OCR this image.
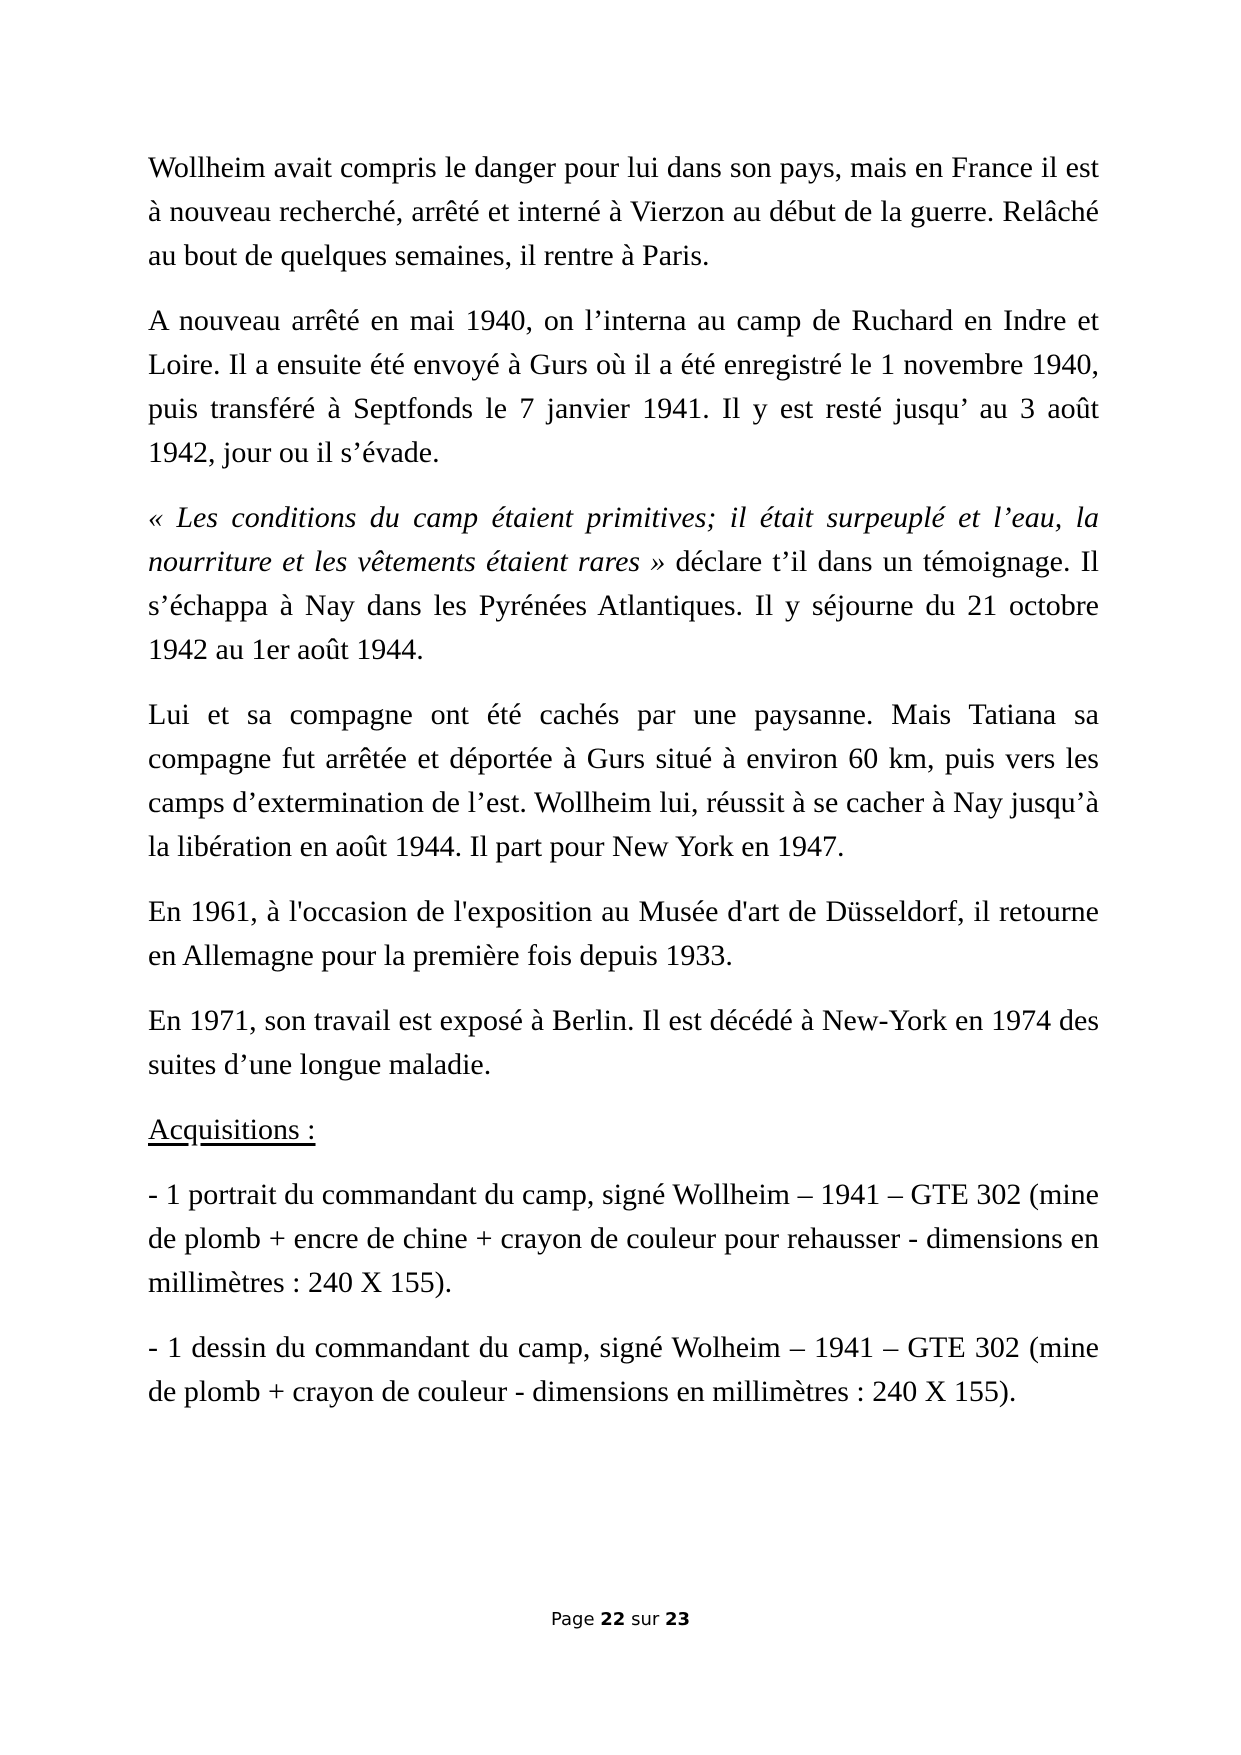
Wollheim avait compris le danger pour lui dans son pays, mais en France il est à nouveau recherché, arrêté et interné à Vierzon au début de la guerre. Relâché au bout de quelques semaines, il rentre à Paris.

A nouveau arrêté en mai 1940, on l’interna au camp de Ruchard en Indre et Loire. Il a ensuite été envoyé à Gurs où il a été enregistré le 1 novembre 1940, puis transféré à Septfonds le 7 janvier 1941. Il y est resté jusqu’ au 3 août 1942, jour ou il s’évade.

« Les conditions du camp étaient primitives; il était surpeuplé et l’eau, la nourriture et les vêtements étaient rares » déclare t’il dans un témoignage. Il s’échappa à Nay dans les Pyrénées Atlantiques. Il y séjourne du 21 octobre 1942 au 1er août 1944.

Lui et sa compagne ont été cachés par une paysanne. Mais Tatiana sa compagne fut arrêtée et déportée à Gurs situé à environ 60 km, puis vers les camps d’extermination de l’est. Wollheim lui, réussit à se cacher à Nay jusqu’à la libération en août 1944. Il part pour New York en 1947.

En 1961, à l'occasion de l'exposition au Musée d'art de Düsseldorf, il retourne en Allemagne pour la première fois depuis 1933.

En 1971, son travail est exposé à Berlin. Il est décédé à New-York en 1974 des suites d’une longue maladie.

Acquisitions :

- 1 portrait du commandant du camp, signé Wollheim – 1941 – GTE 302 (mine de plomb + encre de chine + crayon de couleur pour rehausser - dimensions en millimètres : 240 X 155).

- 1 dessin du commandant du camp, signé Wolheim – 1941 – GTE 302 (mine de plomb + crayon de couleur - dimensions en millimètres : 240 X 155).

Page 22 sur 23
